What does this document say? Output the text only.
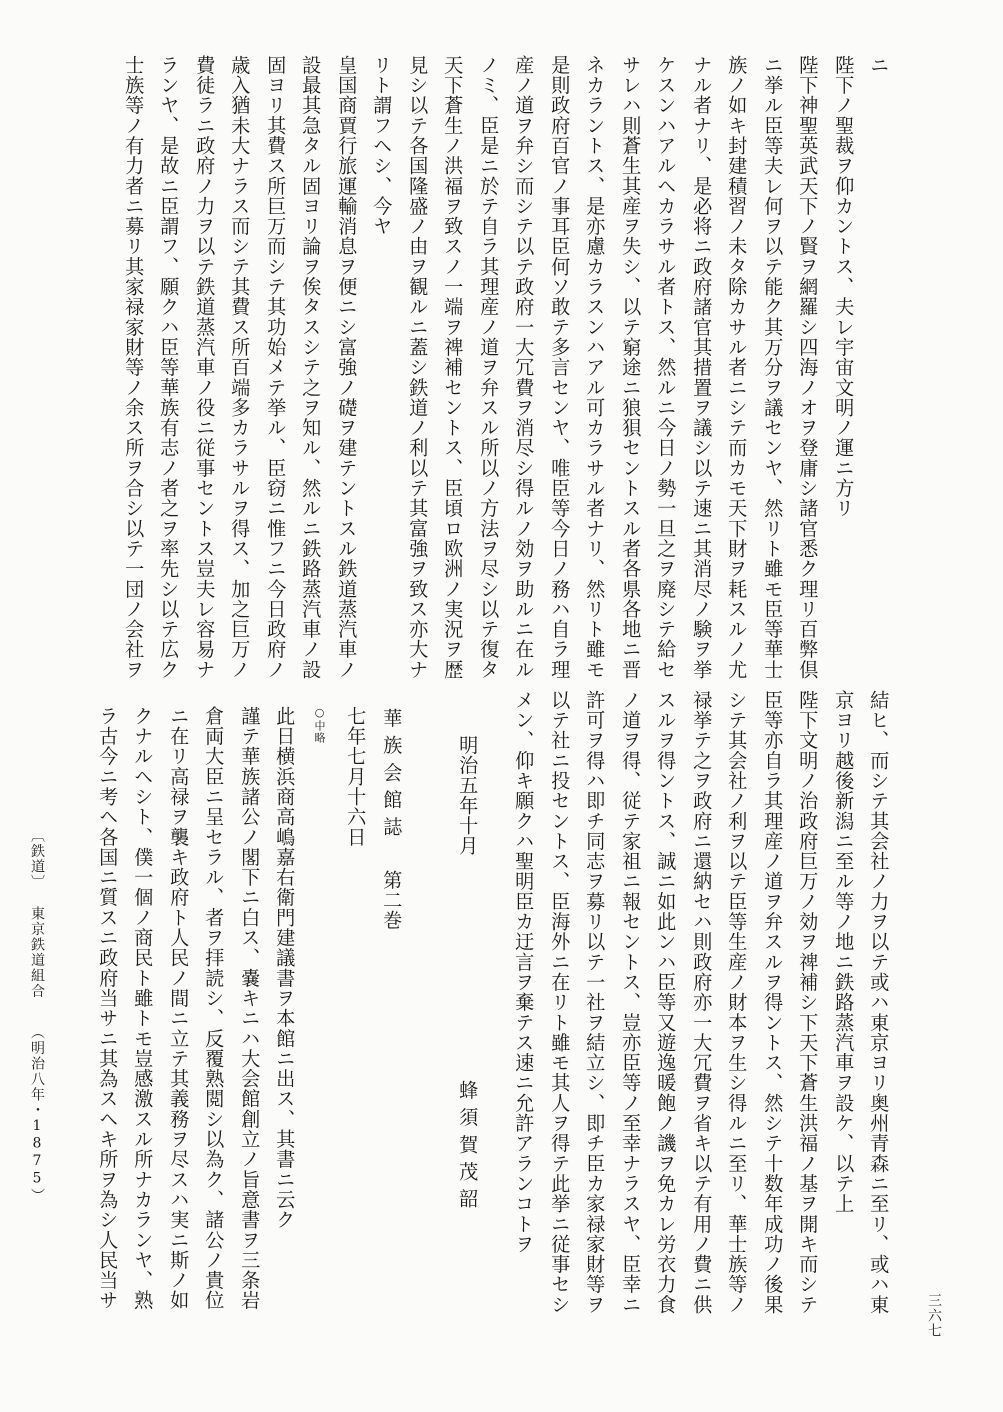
三六七
〔鉄道〕
東京鉄道組合
（明治八年・1875）
ニ
陛下ノ聖裁ヲ仰カントス、夫レ宇宙文明ノ運ニ方リ
陛下神聖英武天下ノ賢ヲ網羅シ四海ノオヲ登庸シ諸官悉ク理リ百弊倶
ニ挙ル臣等夫レ何ヲ以テ能ク其万分ヲ議センヤ、然リト雖モ臣等華士
族ノ如キ封建積習ノ未タ除カサル者ニシテ而カモ天下財ヲ耗スルノ尤
ナル者ナリ、是必将ニ政府諸官其措置ヲ議シ以テ速ニ其消尽ノ験ヲ挙
ケスンハアルヘカラサル者トス、然ルニ今日ノ勢一旦之ヲ廃シテ給セ
サレハ則蒼生其産ヲ失シ、以テ窮途ニ狼狽セントスル者各県各地ニ晋
ネカラントス、是亦慮カラスンハアル可カラサル者ナリ、然リト雖モ
是則政府百官ノ事耳臣何ソ敢テ多言センヤ、唯臣等今日ノ務ハ自ラ理
産ノ道ヲ弁シ而シテ以テ政府一大冗費ヲ消尽シ得ルノ効ヲ助ルニ在ル
ノミ、臣是ニ於テ自ラ其理産ノ道ヲ弁スル所以ノ方法ヲ尽シ以テ復タ
天下蒼生ノ洪福ヲ致スノ一端ヲ禆補セントス、臣頃ロ欧洲ノ実況ヲ歴
見シ以テ各国隆盛ノ由ヲ観ルニ蓋シ鉄道ノ利以テ其富強ヲ致ス亦大ナ
リト謂フヘシ、今ヤ
皇国商賈行旅運輸消息ヲ便ニシ富強ノ礎ヲ建テントスル鉄道蒸汽車ノ
設最其急タル固ヨリ論ヲ俟タスシテ之ヲ知ル、然ルニ鉄路蒸汽車ノ設
固ヨリ其費ス所巨万而シテ其功始メテ挙ル、臣窃ニ惟フニ今日政府ノ
歳入猶未大ナラス而シテ其費ス所百端多カラサルヲ得ス、加之巨万ノ
費徒ラニ政府ノ力ヲ以テ鉄道蒸汽車ノ役ニ従事セントス豈夫レ容易ナ
ランヤ、是故ニ臣謂フ、願クハ臣等華族有志ノ者之ヲ率先シ以テ広ク
士族等ノ有力者ニ募リ其家禄家財等ノ余ス所ヲ合シ以テ一団ノ会社ヲ
結ヒ、而シテ其会社ノ力ヲ以テ或ハ東京ヨリ奥州青森ニ至リ、或ハ東
京ヨリ越後新潟ニ至ル等ノ地ニ鉄路蒸汽車ヲ設ケ、以テ上
陛下文明ノ治政府巨万ノ効ヲ禆補シ下天下蒼生洪福ノ基ヲ開キ而シテ
臣等亦自ラ其理産ノ道ヲ弁スルヲ得ントス、然シテ十数年成功ノ後果
シテ其会社ノ利ヲ以テ臣等生産ノ財本ヲ生シ得ルニ至リ、華士族等ノ
禄挙テ之ヲ政府ニ還納セハ則政府亦一大冗費ヲ省キ以テ有用ノ費ニ供
スルヲ得ントス、誠ニ如此ンハ臣等又遊逸暖飽ノ譏ヲ免カレ労衣力食
ノ道ヲ得、従テ家祖ニ報セントス、豈亦臣等ノ至幸ナラスヤ、臣幸ニ
許可ヲ得ハ即チ同志ヲ募リ以テ一社ヲ結立シ、即チ臣カ家禄家財等ヲ
以テ社ニ投セントス、臣海外ニ在リト雖モ其人ヲ得テ此挙ニ従事セシ
メン、仰キ願クハ聖明臣カ迂言ヲ棄テス速ニ允許アランコトヲ
明治五年十月
蜂須賀茂韶
華族会館誌
第二巻
七年七月十六日
○中略
此日横浜商高嶋嘉右衛門建議書ヲ本館ニ出ス、其書ニ云ク
謹テ華族諸公ノ閣下ニ白ス、嚢キニハ大会館創立ノ旨意書ヲ三条岩
倉両大臣ニ呈セラル、者ヲ拝読シ、反覆熟閲シ以為ク、諸公ノ貴位
ニ在リ高禄ヲ襲キ政府ト人民ノ間ニ立テ其義務ヲ尽スハ実ニ斯ノ如
クナルヘシト、僕一個ノ商民ト雖トモ豈感激スル所ナカランヤ、熟
ラ古今ニ考ヘ各国ニ質スニ政府当サニ其為スヘキ所ヲ為シ人民当サ
